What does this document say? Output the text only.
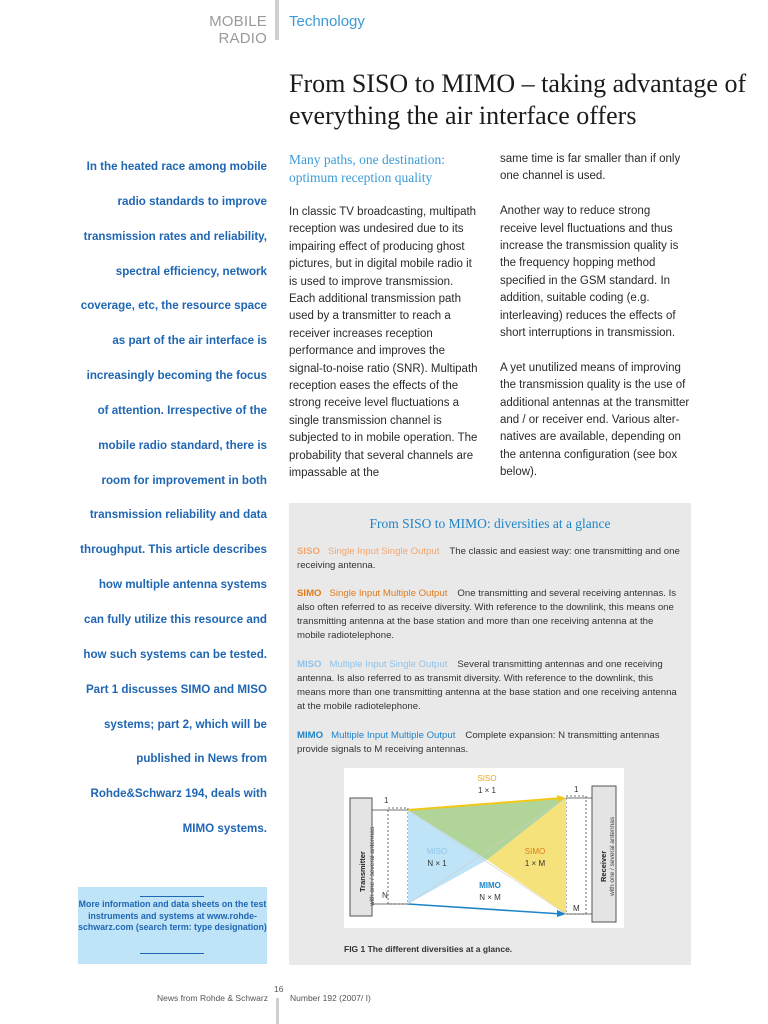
MOBILE RADIO
Technology
From SISO to MIMO – taking advantage of everything the air interface offers
In the heated race among mobile radio standards to improve transmission rates and reliability, spectral efficiency, network coverage, etc, the resource space as part of the air interface is increasingly becoming the focus of attention. Irrespective of the mobile radio standard, there is room for improvement in both transmission reliability and data throughput. This article describes how multiple antenna systems can fully utilize this resource and how such systems can be tested. Part 1 discusses SIMO and MISO systems; part 2, which will be published in News from Rohde&Schwarz 194, deals with MIMO systems.
Many paths, one destination: optimum reception quality

In classic TV broadcasting, multipath reception was undesired due to its impairing effect of producing ghost pictures, but in digital mobile radio it is used to improve transmission. Each additional transmission path used by a transmitter to reach a receiver increases reception performance and improves the signal-to-noise ratio (SNR). Multipath reception eases the effects of the strong receive level fluctuations a single transmission channel is subjected to in mobile operation. The probability that several channels are impassable at the

same time is far smaller than if only one channel is used.

Another way to reduce strong receive level fluctuations and thus increase the transmission quality is the frequency hopping method specified in the GSM standard. In addition, suitable coding (e.g. interleaving) reduces the effects of short interruptions in transmission.

A yet unutilized means of improving the transmission quality is the use of additional antennas at the transmitter and / or receiver end. Various alternatives are available, depending on the antenna configuration (see box below).

From SISO to MIMO: diversities at a glance
SISO Single Input Single Output The classic and easiest way: one transmitting and one receiving antenna.
SIMO Single Input Multiple Output One transmitting and several receiving antennas. Is also often referred to as receive diversity. With reference to the downlink, this means one transmitting antenna at the base station and more than one receiving antenna at the mobile radiotelephone.
MISO Multiple Input Single Output Several transmitting antennas and one receiving antenna. Is also referred to as transmit diversity. With reference to the downlink, this means more than one transmitting antenna at the base station and one receiving antenna at the mobile radiotelephone.
MIMO Multiple Input Multiple Output Complete expansion: N transmitting antennas provide signals to M receiving antennas.
1
N
1
M
SISO
1 × 1
MISO
N × 1
SIMO
1 × M
MIMO
N × M
Transmitter with one / several antennas	Receiver with one / several antennas
FIG 1 The different diversities at a glance.
More information and data sheets on the test instruments and systems at www.rohde-schwarz.com (search term: type designation)
News from Rohde & Schwarz
16
Number 192 (2007/ I)
